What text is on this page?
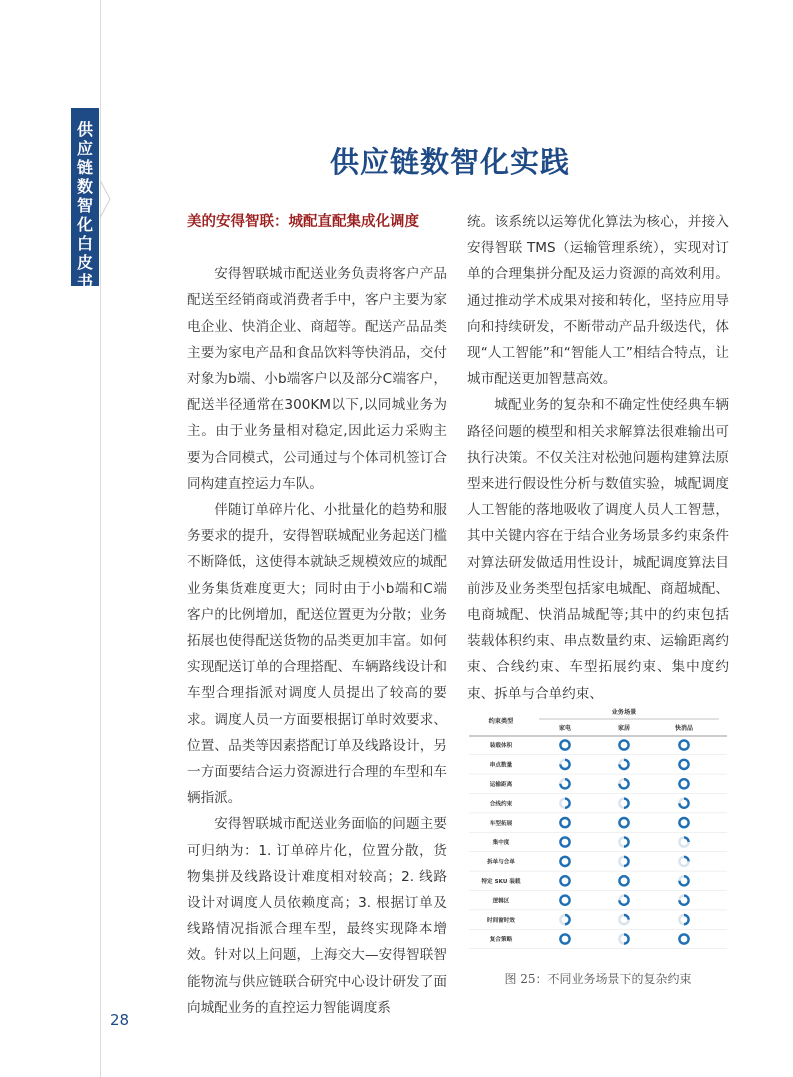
供
应
链
数
智
化
白
皮
书
供应链数智化实践

美的安得智联：城配直配集成化调度

安得智联城市配送业务负责将客户产品配送至经销商或消费者手中，客户主要为家电企业、快消企业、商超等。配送产品品类主要为家电产品和食品饮料等快消品，交付对象为b端、小b端客户以及部分C端客户，配送半径通常在300KM以下,以同城业务为主。由于业务量相对稳定,因此运力采购主要为合同模式，公司通过与个体司机签订合同构建直控运力车队。

伴随订单碎片化、小批量化的趋势和服务要求的提升，安得智联城配业务起送门槛不断降低，这使得本就缺乏规模效应的城配业务集货难度更大；同时由于小b端和C端客户的比例增加，配送位置更为分散；业务拓展也使得配送货物的品类更加丰富。如何实现配送订单的合理搭配、车辆路线设计和车型合理指派对调度人员提出了较高的要求。调度人员一方面要根据订单时效要求、位置、品类等因素搭配订单及线路设计，另一方面要结合运力资源进行合理的车型和车辆指派。

安得智联城市配送业务面临的问题主要可归纳为：1. 订单碎片化，位置分散，货物集拼及线路设计难度相对较高；2. 线路设计对调度人员依赖度高；3. 根据订单及线路情况指派合理车型，最终实现降本增效。针对以上问题，上海交大—安得智联智能物流与供应链联合研究中心设计研发了面向城配业务的直控运力智能调度系

统。该系统以运筹优化算法为核心，并接入安得智联 TMS（运输管理系统），实现对订单的合理集拼分配及运力资源的高效利用。通过推动学术成果对接和转化，坚持应用导向和持续研发，不断带动产品升级迭代，体现“人工智能”和“智能人工”相结合特点，让城市配送更加智慧高效。

城配业务的复杂和不确定性使经典车辆路径问题的模型和相关求解算法很难输出可执行决策。不仅关注对松弛问题构建算法原型来进行假设性分析与数值实验，城配调度人工智能的落地吸收了调度人员人工智慧，其中关键内容在于结合业务场景多约束条件对算法研发做适用性设计，城配调度算法目前涉及业务类型包括家电城配、商超城配、电商城配、快消品城配等;其中的约束包括装载体积约束、串点数量约束、运输距离约束、合线约束、车型拓展约束、集中度约束、拆单与合单约束、

业务场景
约束类型
家电	家居	快消品
装载体积
串点数量
运输距离
合线约束
车型拓展
集中度
拆单与合单
特定 SKU 装载
逻辑区
时间窗时效
复合策略
图 25：不同业务场景下的复杂约束
28
